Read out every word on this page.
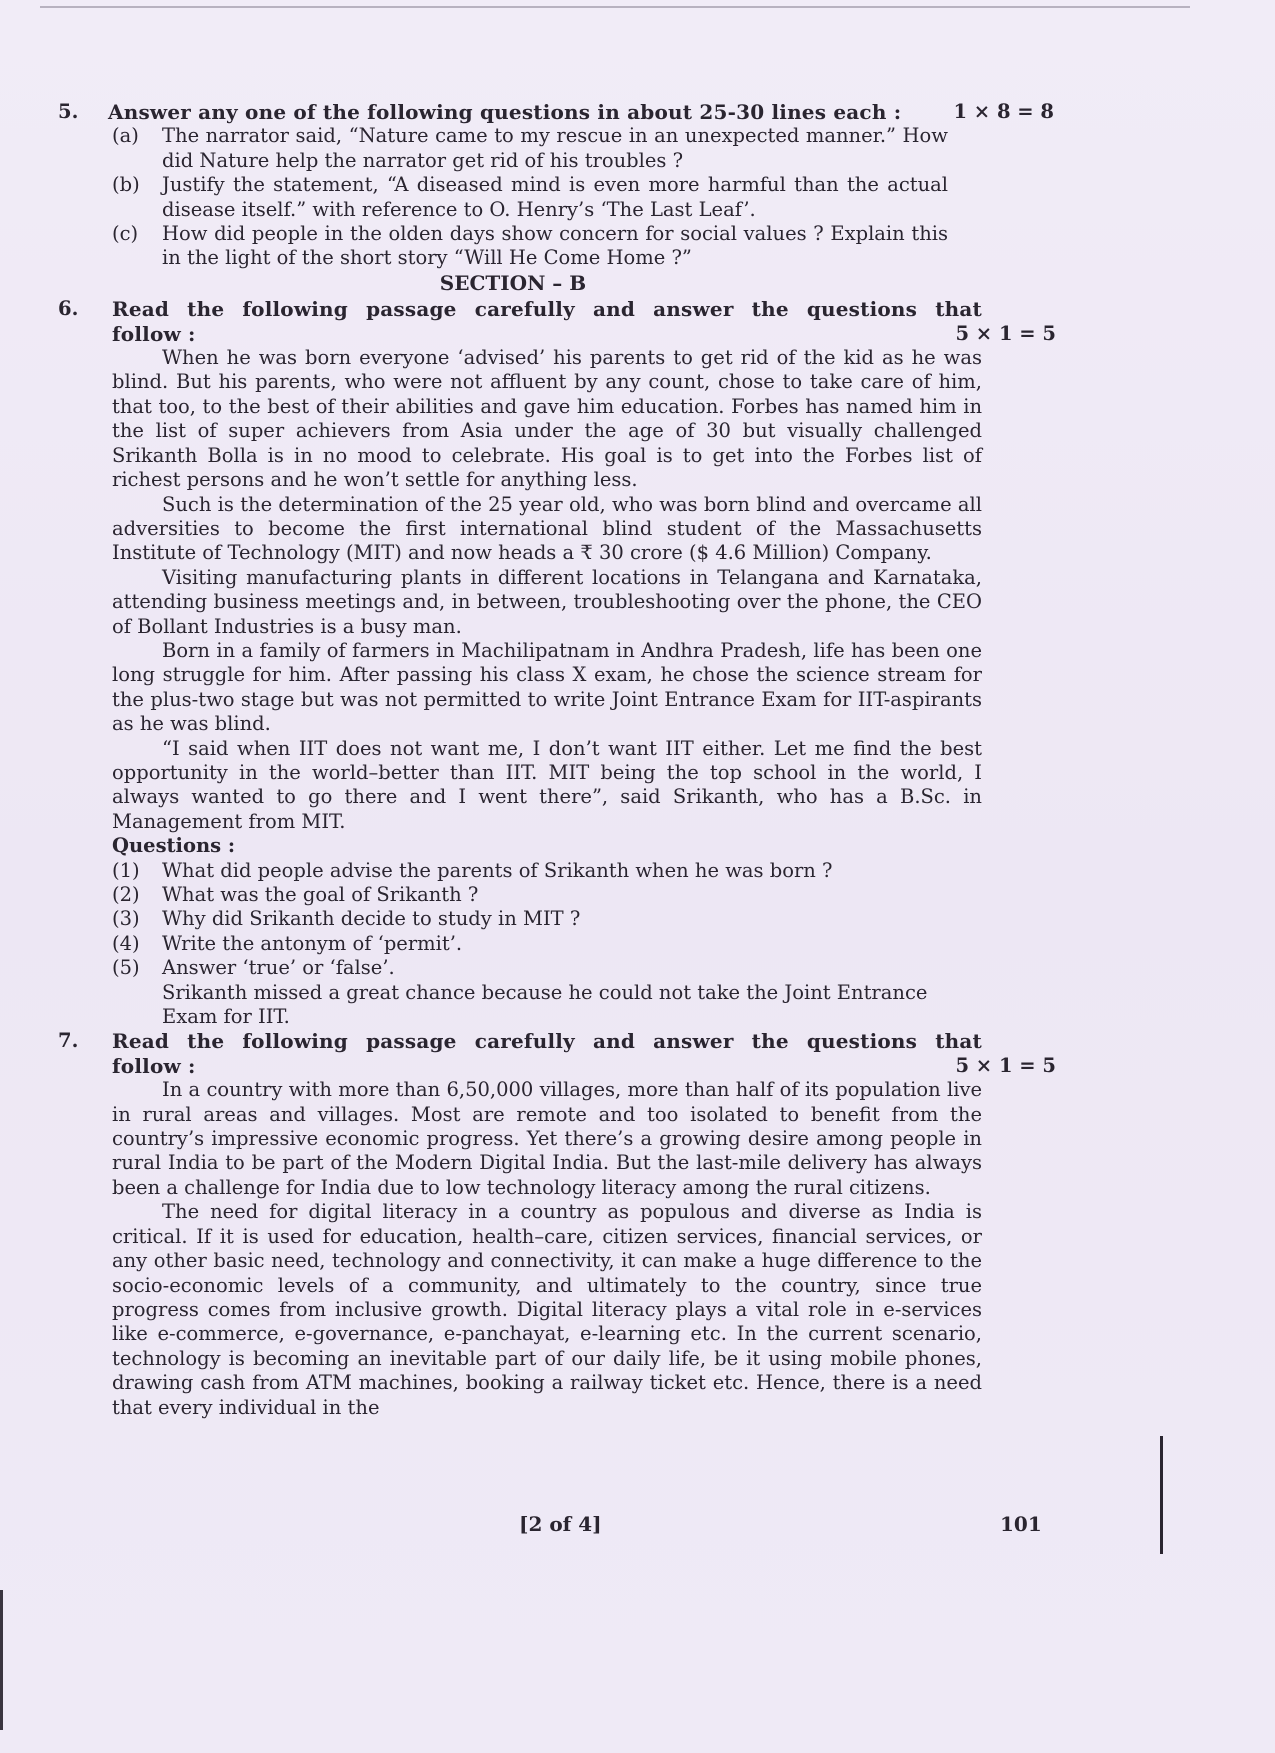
5. Answer any one of the following questions in about 25-30 lines each :	1 × 8 = 8
(a) The narrator said, “Nature came to my rescue in an unexpected manner.” How did Nature help the narrator get rid of his troubles ?
(b) Justify the statement, “A diseased mind is even more harmful than the actual disease itself.” with reference to O. Henry’s ‘The Last Leaf’.
(c) How did people in the olden days show concern for social values ? Explain this in the light of the short story “Will He Come Home ?”
SECTION – B
6. Read the following passage carefully and answer the questions that
follow :	5 × 1 = 5

When he was born everyone ‘advised’ his parents to get rid of the kid as he was blind. But his parents, who were not affluent by any count, chose to take care of him, that too, to the best of their abilities and gave him education. Forbes has named him in the list of super achievers from Asia under the age of 30 but visually challenged Srikanth Bolla is in no mood to celebrate. His goal is to get into the Forbes list of richest persons and he won’t settle for anything less.

Such is the determination of the 25 year old, who was born blind and overcame all adversities to become the first international blind student of the Massachusetts Institute of Technology (MIT) and now heads a ₹ 30 crore ($ 4.6 Million) Company.

Visiting manufacturing plants in different locations in Telangana and Karnataka, attending business meetings and, in between, troubleshooting over the phone, the CEO of Bollant Industries is a busy man.

Born in a family of farmers in Machilipatnam in Andhra Pradesh, life has been one long struggle for him. After passing his class X exam, he chose the science stream for the plus-two stage but was not permitted to write Joint Entrance Exam for IIT-aspirants as he was blind.

“I said when IIT does not want me, I don’t want IIT either. Let me find the best opportunity in the world–better than IIT. MIT being the top school in the world, I always wanted to go there and I went there”, said Srikanth, who has a B.Sc. in Management from MIT.

Questions :
(1) What did people advise the parents of Srikanth when he was born ?
(2) What was the goal of Srikanth ?
(3) Why did Srikanth decide to study in MIT ?
(4) Write the antonym of ‘permit’.
(5) Answer ‘true’ or ‘false’.
Srikanth missed a great chance because he could not take the Joint Entrance Exam for IIT.
7. Read the following passage carefully and answer the questions that
follow :	5 × 1 = 5

In a country with more than 6,50,000 villages, more than half of its population live in rural areas and villages. Most are remote and too isolated to benefit from the country’s impressive economic progress. Yet there’s a growing desire among people in rural India to be part of the Modern Digital India. But the last-mile delivery has always been a challenge for India due to low technology literacy among the rural citizens.

The need for digital literacy in a country as populous and diverse as India is critical. If it is used for education, health–care, citizen services, financial services, or any other basic need, technology and connectivity, it can make a huge difference to the socio-economic levels of a community, and ultimately to the country, since true progress comes from inclusive growth. Digital literacy plays a vital role in e-services like e-commerce, e-governance, e-panchayat, e-learning etc. In the current scenario, technology is becoming an inevitable part of our daily life, be it using mobile phones, drawing cash from ATM machines, booking a railway ticket etc. Hence, there is a need that every individual in the

[2 of 4]	101
